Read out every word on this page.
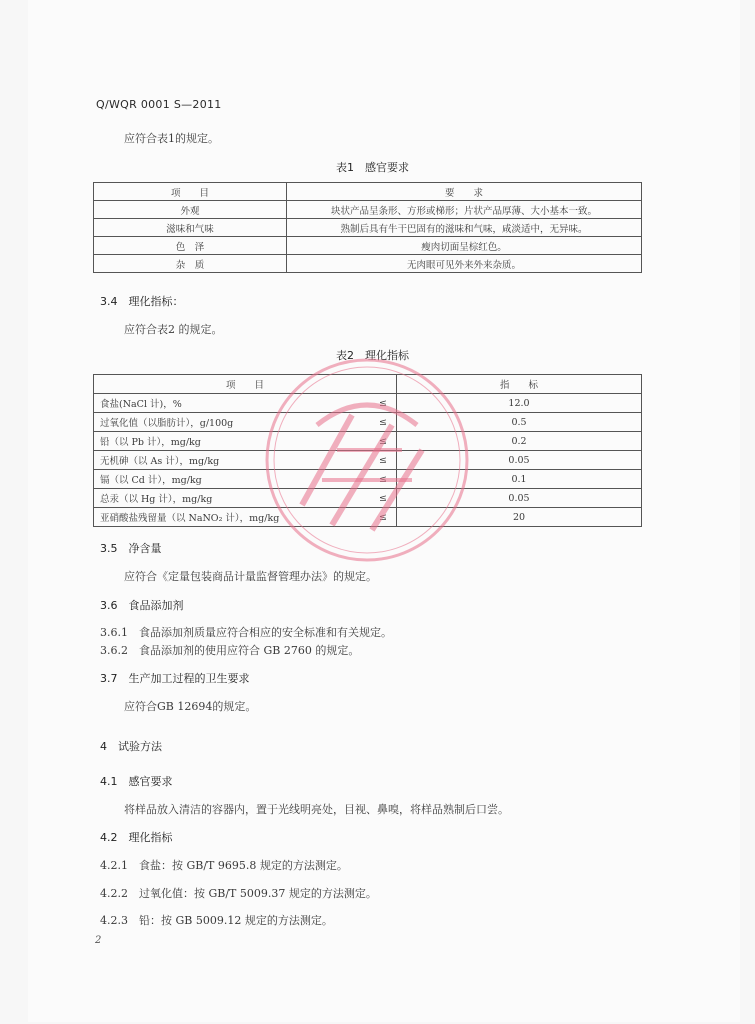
Q/WQR 0001 S—2011
应符合表1的规定。
表1　感官要求
项　　目	要　　求
外观	块状产品呈条形、方形或梯形；片状产品厚薄、大小基本一致。
滋味和气味	熟制后具有牛干巴固有的滋味和气味，咸淡适中，无异味。
色　泽	瘦肉切面呈棕红色。
杂　质	无肉眼可见外来外来杂质。
3.4　理化指标：
应符合表2 的规定。
表2　理化指标
项　　目		指　　标
食盐(NaCl 计)，%	≤	12.0
过氧化值（以脂肪计），g/100g	≤	0.5
铅（以 Pb 计），mg/kg	≤	0.2
无机砷（以 As 计），mg/kg	≤	0.05
镉（以 Cd 计），mg/kg	≤	0.1
总汞（以 Hg 计），mg/kg	≤	0.05
亚硝酸盐残留量（以 NaNO₂ 计），mg/kg	≤	20
3.5　净含量
应符合《定量包装商品计量监督管理办法》的规定。
3.6　食品添加剂
3.6.1　食品添加剂质量应符合相应的安全标准和有关规定。
3.6.2　食品添加剂的使用应符合 GB 2760 的规定。
3.7　生产加工过程的卫生要求
应符合GB 12694的规定。
4　试验方法
4.1　感官要求
将样品放入清洁的容器内，置于光线明亮处，目视、鼻嗅，将样品熟制后口尝。
4.2　理化指标
4.2.1　食盐：按 GB/T 9695.8 规定的方法测定。
4.2.2　过氧化值：按 GB/T 5009.37 规定的方法测定。
4.2.3　铅：按 GB 5009.12 规定的方法测定。
2
